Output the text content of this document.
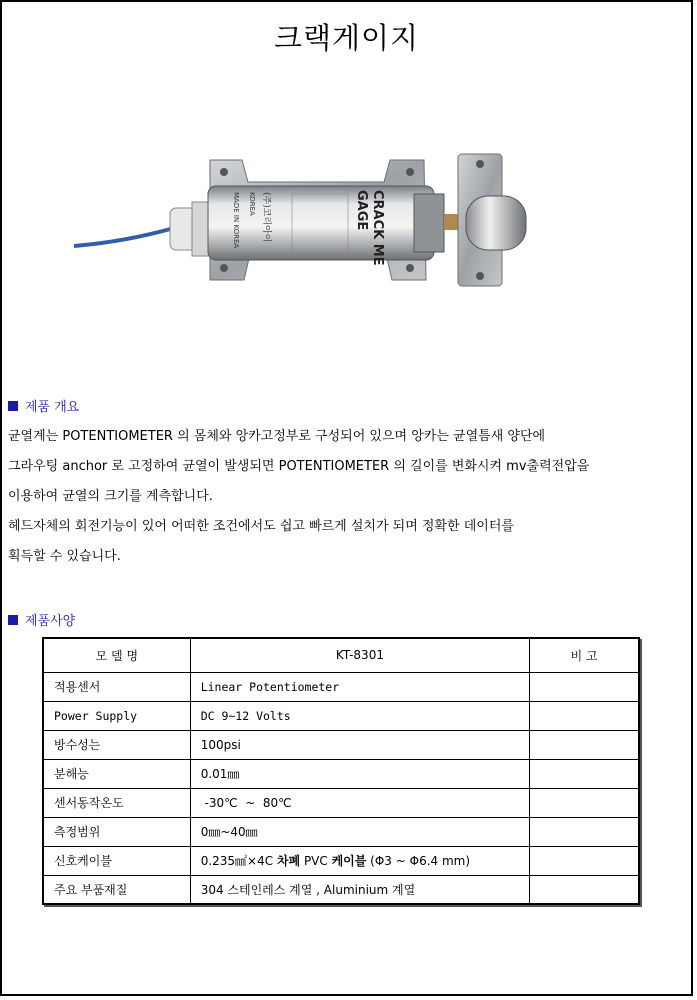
크랙게이지
CRACK ME
GAGE
(주)코리아이
KOREA
MADE IN KOREA
제품 개요

균열계는 POTENTIOMETER 의 몸체와 앙카고정부로 구성되어 있으며 앙카는 균열틈새 양단에

그라우팅 anchor 로 고정하여 균열이 발생되면 POTENTIOMETER 의 길이를 변화시켜 mv출력전압을

이용하여 균열의 크기를 계측합니다.

헤드자체의 회전기능이 있어 어떠한 조건에서도 쉽고 빠르게 설치가 되며 정확한 데이터를

획득할 수 있습니다.

제품사양
모 델 명	KT-8301	비 고
적용센서	Linear Potentiometer	
Power Supply	DC 9~12 Volts	
방수성는	100psi	
분해능	0.01㎜	
센서동작온도	-30℃  ~  80℃	
측정범위	0㎜~40㎜	
신호케이블	0.235㎟×4C 차폐 PVC 케이블 (Φ3 ~ Φ6.4 mm)	
주요 부품재질	304 스테인레스 계열 , Aluminium 계열	
